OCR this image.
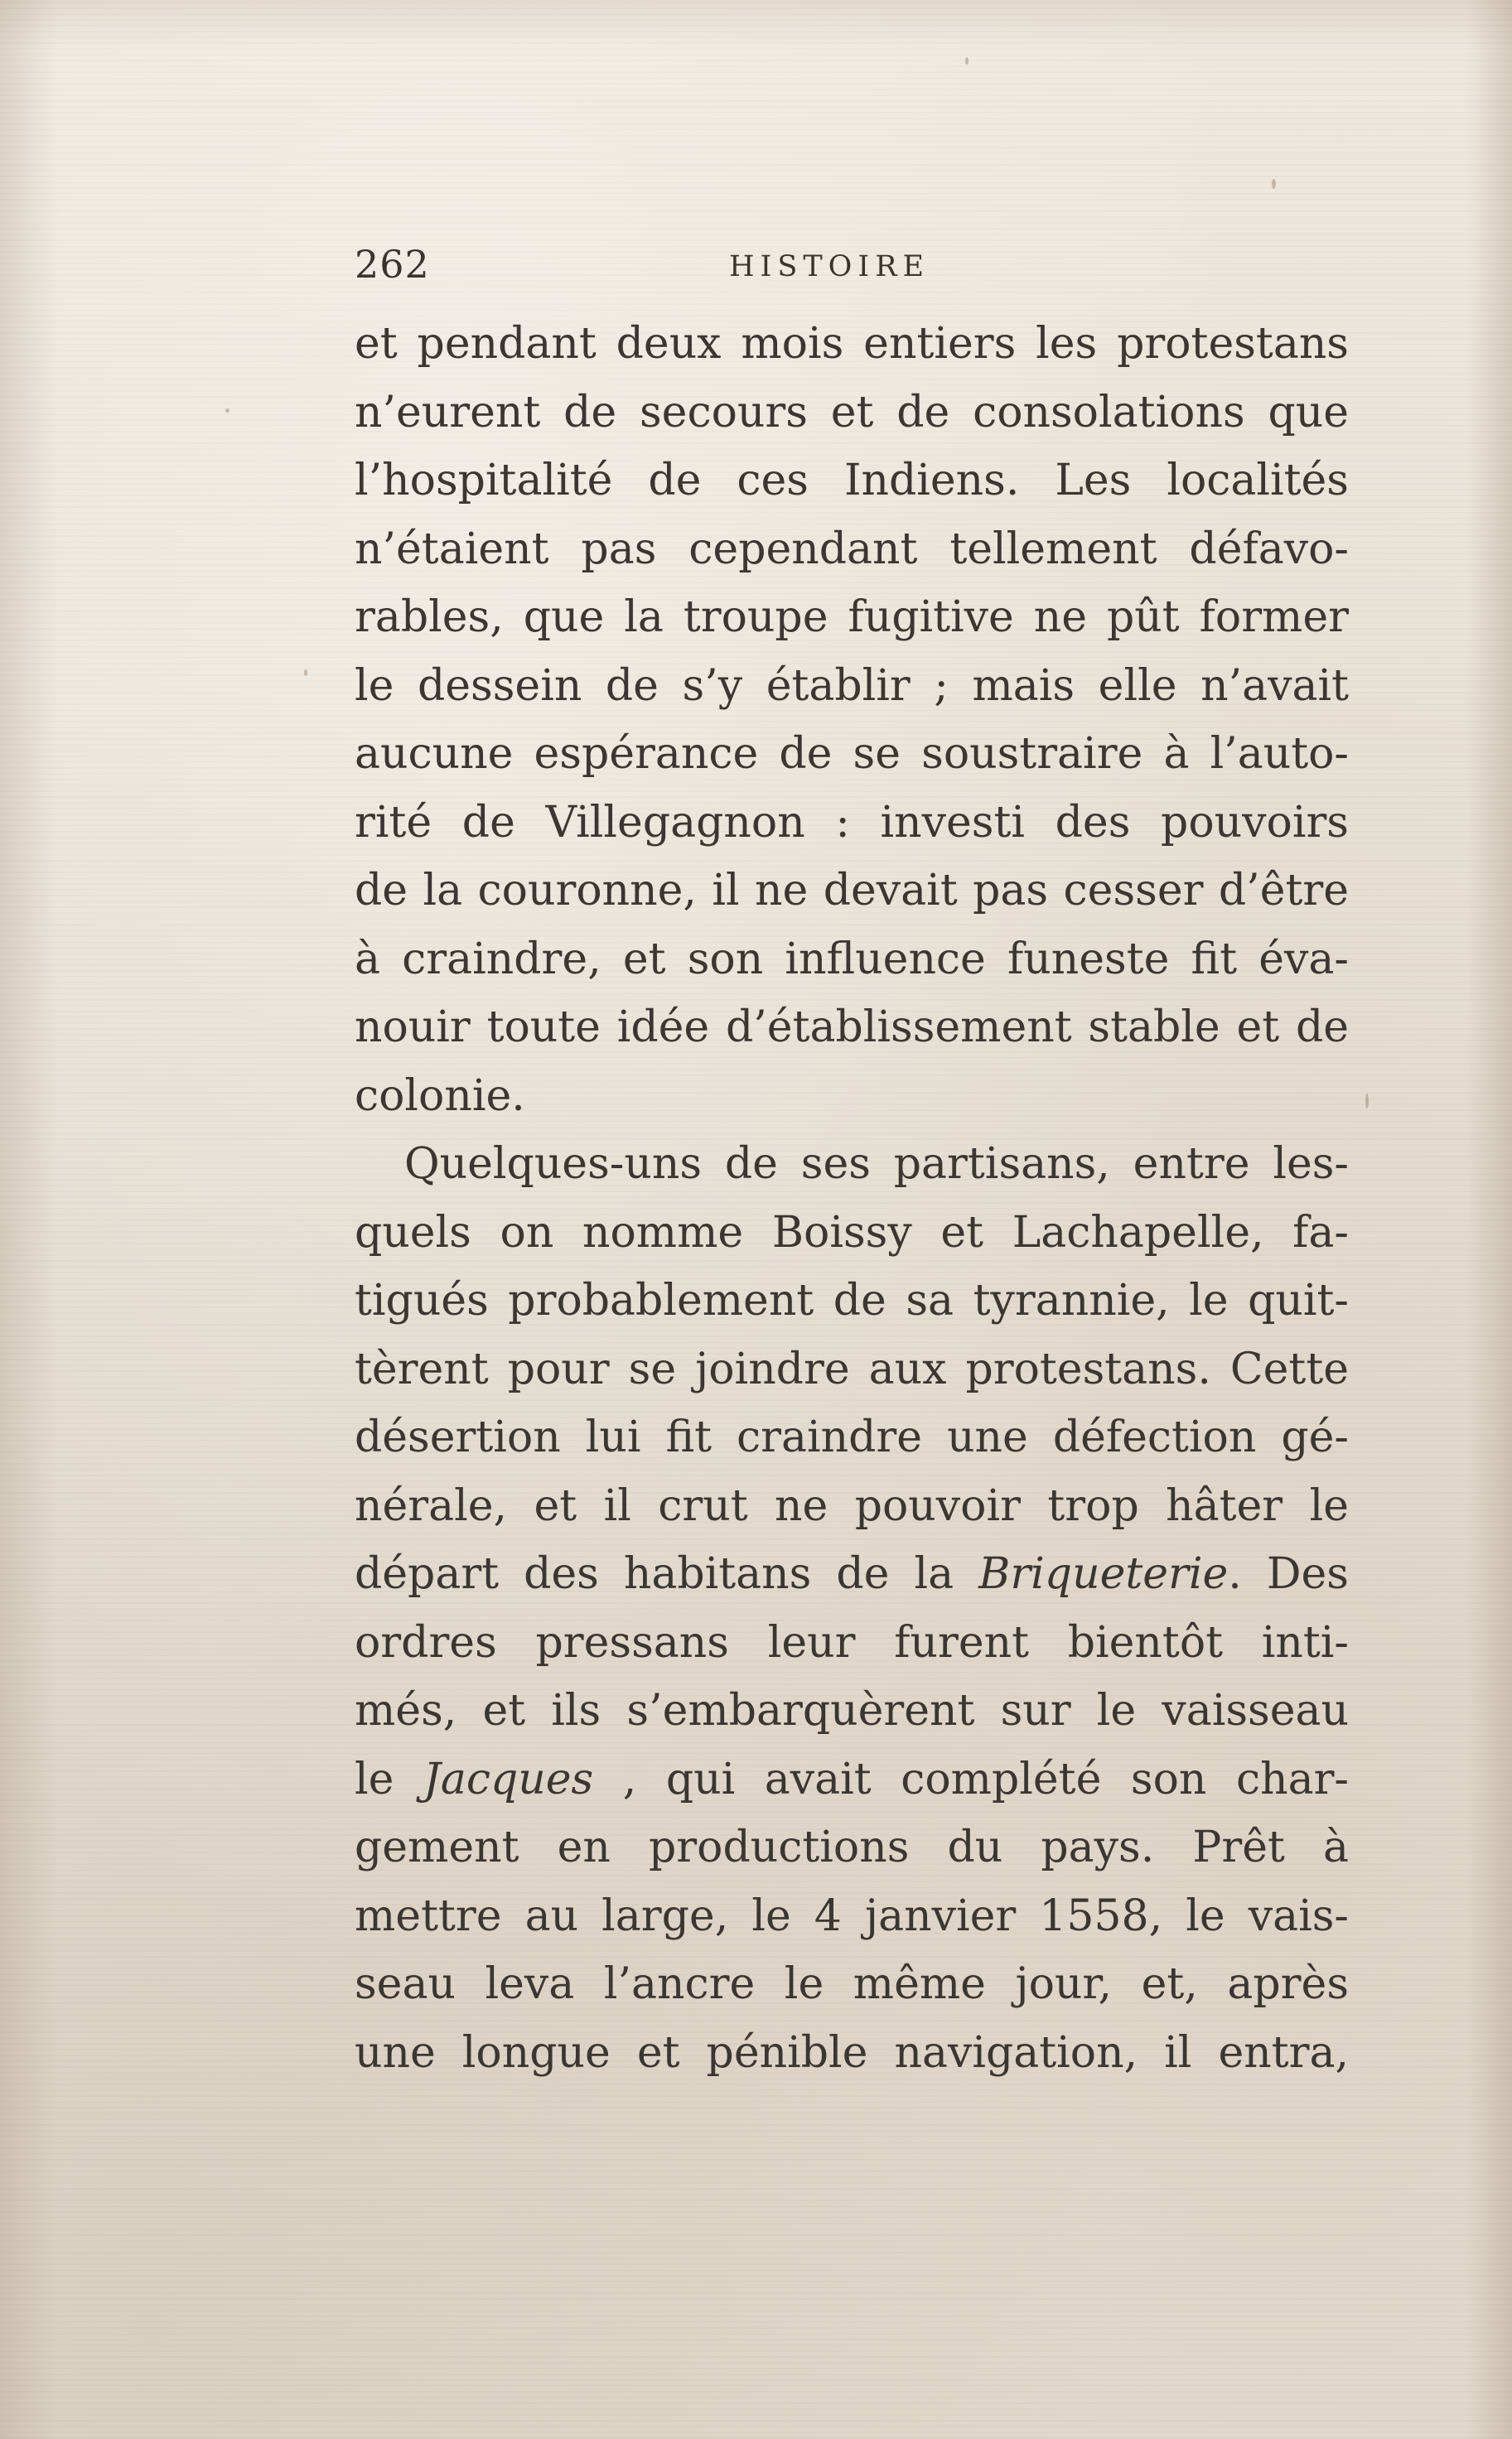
262	HISTOIRE
et pendant deux mois entiers les protestans
n’eurent de secours et de consolations que
l’hospitalité de ces Indiens. Les localités
n’étaient pas cependant tellement défavo-
rables, que la troupe fugitive ne pût former
le dessein de s’y établir ; mais elle n’avait
aucune espérance de se soustraire à l’auto-
rité de Villegagnon : investi des pouvoirs
de la couronne, il ne devait pas cesser d’être
à craindre, et son influence funeste fit éva-
nouir toute idée d’établissement stable et de
colonie.
Quelques-uns de ses partisans, entre les-
quels on nomme Boissy et Lachapelle, fa-
tigués probablement de sa tyrannie, le quit-
tèrent pour se joindre aux protestans. Cette
désertion lui fit craindre une défection gé-
nérale, et il crut ne pouvoir trop hâter le
départ des habitans de la Briqueterie. Des
ordres pressans leur furent bientôt inti-
més, et ils s’embarquèrent sur le vaisseau
le Jacques , qui avait complété son char-
gement en productions du pays. Prêt à
mettre au large, le 4 janvier 1558, le vais-
seau leva l’ancre le même jour, et, après
une longue et pénible navigation, il entra,
